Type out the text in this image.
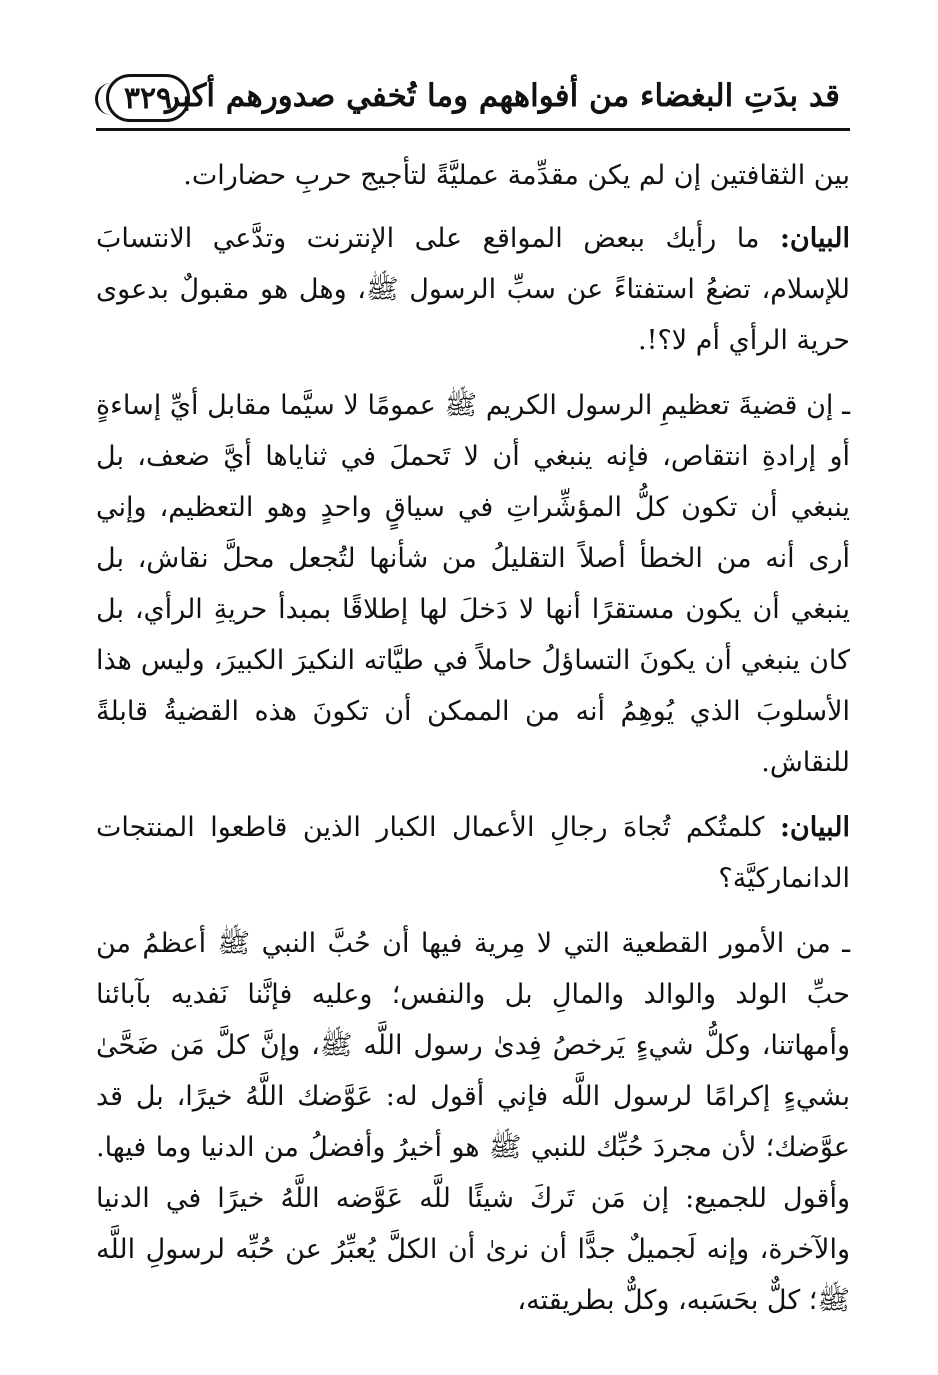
قد بدَتِ البغضاء من أفواههم وما تُخفي صدورهم أكبر
٣٢٩

بين الثقافتين إن لم يكن مقدِّمة عمليَّةً لتأجيج حربِ حضارات.

البيان: ما رأيك ببعض المواقع على الإنترنت وتدَّعي الانتسابَ للإسلام، تضعُ استفتاءً عن سبِّ الرسول ﷺ، وهل هو مقبولٌ بدعوى حرية الرأي أم لا؟!.

ـ إن قضيةَ تعظيمِ الرسول الكريم ﷺ عمومًا لا سيَّما مقابل أيِّ إساءةٍ أو إرادةِ انتقاص، فإنه ينبغي أن لا تَحملَ في ثناياها أيَّ ضعف، بل ينبغي أن تكون كلُّ المؤشِّراتِ في سياقٍ واحدٍ وهو التعظيم، وإني أرى أنه من الخطأ أصلاً التقليلُ من شأنها لتُجعل محلَّ نقاش، بل ينبغي أن يكون مستقرًا أنها لا دَخلَ لها إطلاقًا بمبدأ حريةِ الرأي، بل كان ينبغي أن يكونَ التساؤلُ حاملاً في طيَّاته النكيرَ الكبيرَ، وليس هذا الأسلوبَ الذي يُوهِمُ أنه من الممكن أن تكونَ هذه القضيةُ قابلةً للنقاش.

البيان: كلمتُكم تُجاهَ رجالِ الأعمال الكبار الذين قاطعوا المنتجات الدانماركيَّة؟

ـ من الأمور القطعية التي لا مِرية فيها أن حُبَّ النبي ﷺ أعظمُ من حبِّ الولد والوالد والمالِ بل والنفس؛ وعليه فإنَّنا نَفديه بآبائنا وأمهاتنا، وكلُّ شيءٍ يَرخصُ فِدىٰ رسول اللَّه ﷺ، وإنَّ كلَّ مَن ضَحَّىٰ بشيءٍ إكرامًا لرسول اللَّه فإني أقول له: عَوَّضك اللَّهُ خيرًا، بل قد عوَّضك؛ لأن مجردَ حُبِّك للنبي ﷺ هو أخيرُ وأفضلُ من الدنيا وما فيها. وأقول للجميع: إن مَن تَركَ شيئًا للَّه عَوَّضه اللَّهُ خيرًا في الدنيا والآخرة، وإنه لَجميلٌ جدًّا أن نرىٰ أن الكلَّ يُعبِّرُ عن حُبِّه لرسولِ اللَّه ﷺ؛ كلٌّ بحَسَبه، وكلٌّ بطريقته،
